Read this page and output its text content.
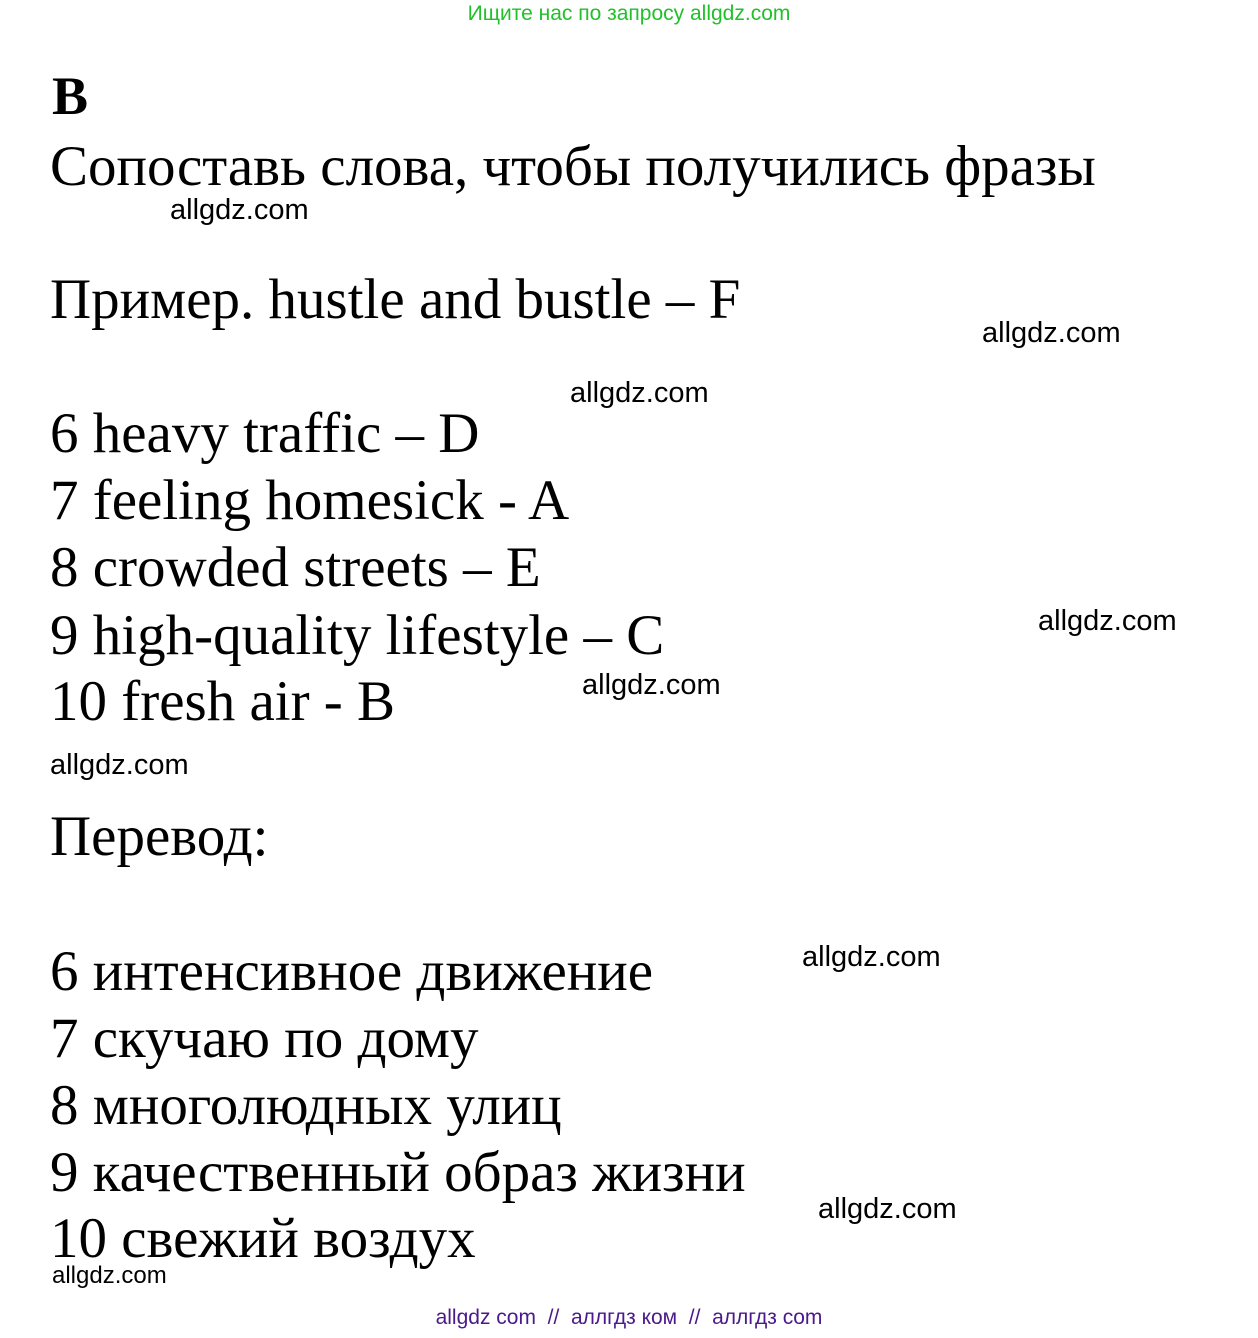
Ищите нас по запросу allgdz.com
B
Сопоставь слова, чтобы получились фразы
Пример. hustle and bustle – F
6 heavy traffic – D
7 feeling homesick - A
8 crowded streets – E
9 high-quality lifestyle – C
10 fresh air - B
Перевод:
6 интенсивное движение
7 скучаю по дому
8 многолюдных улиц
9 качественный образ жизни
10 свежий воздух
allgdz.com
allgdz.com
allgdz.com
allgdz.com
allgdz.com
allgdz.com
allgdz.com
allgdz.com
allgdz.com
allgdz com  //  аллгдз ком  //  аллгдз com
